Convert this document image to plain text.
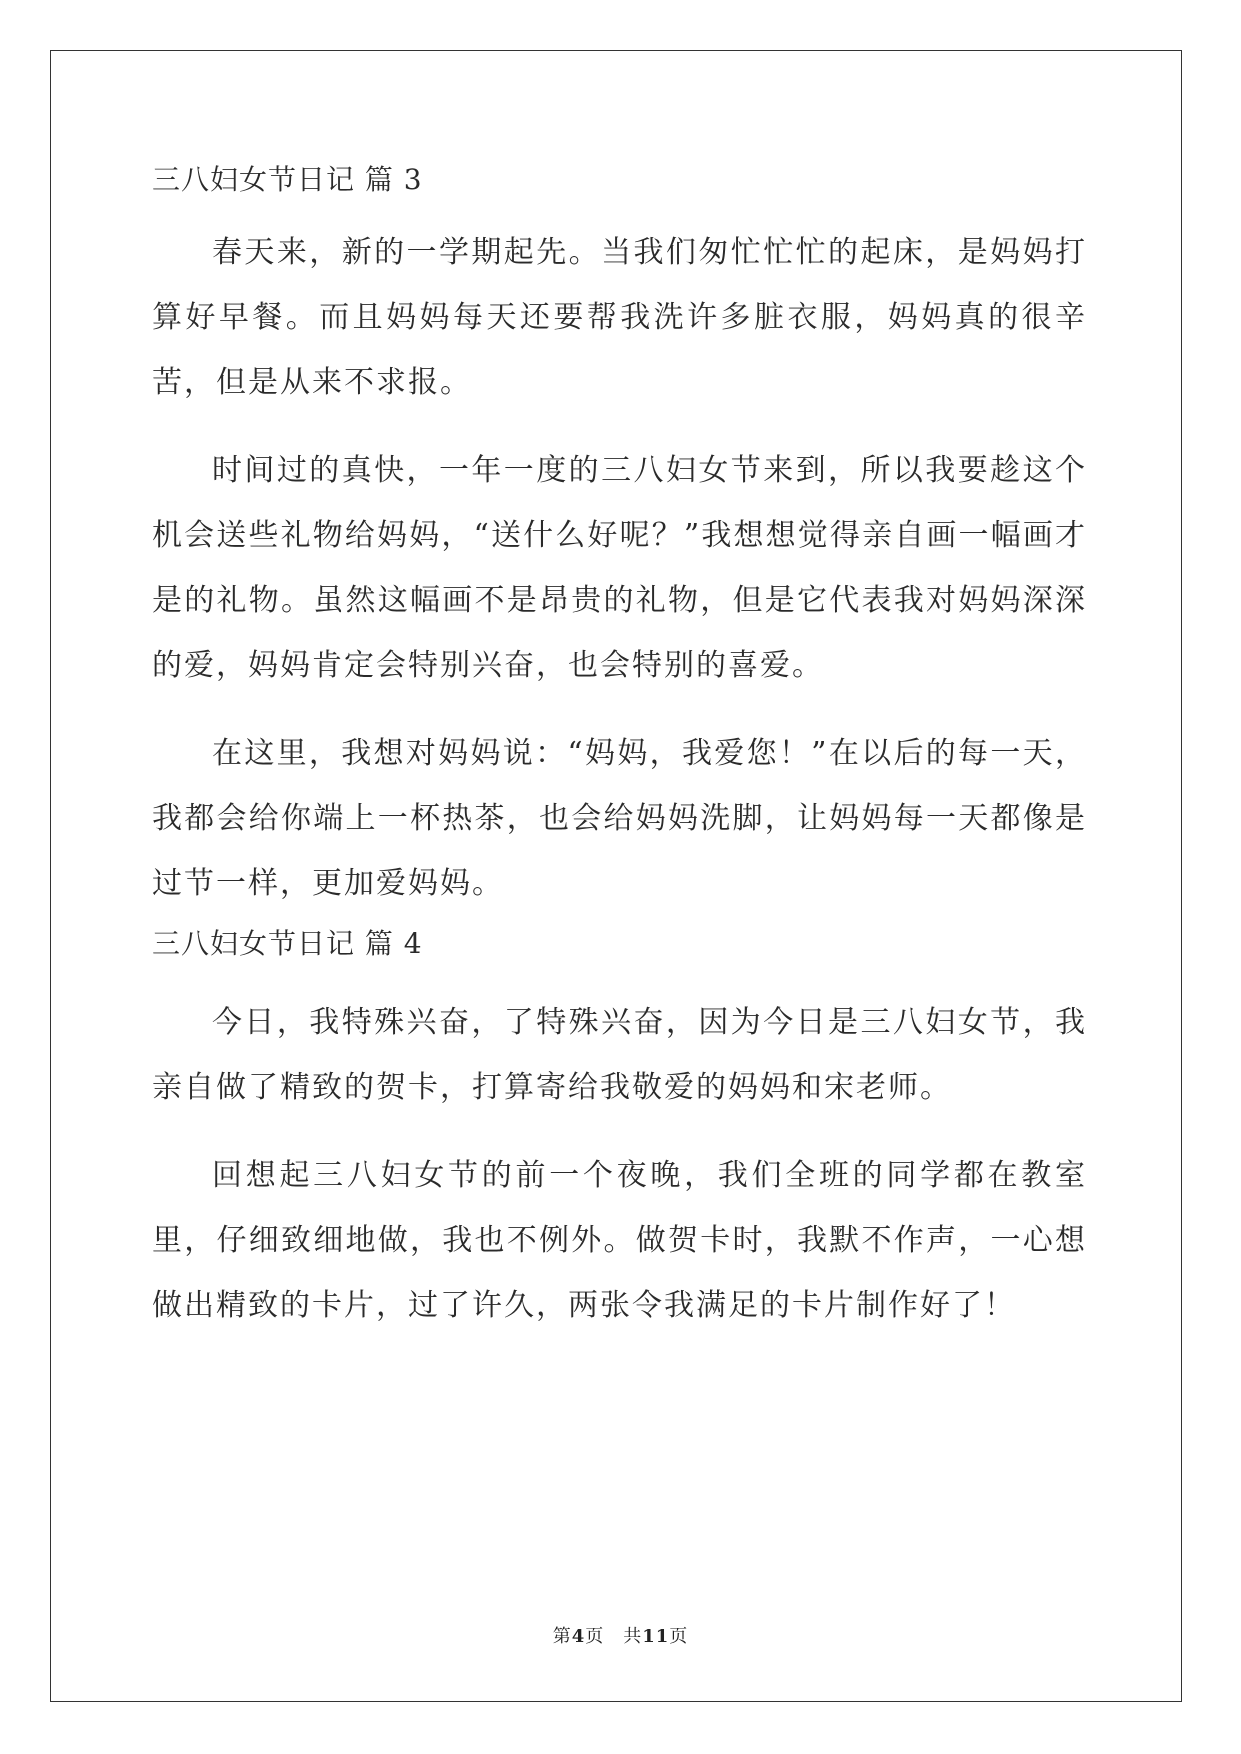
三八妇女节日记 篇 3

春天来，新的一学期起先。当我们匆忙忙忙的起床，是妈妈打算好早餐。而且妈妈每天还要帮我洗许多脏衣服，妈妈真的很辛苦，但是从来不求报。

时间过的真快，一年一度的三八妇女节来到，所以我要趁这个机会送些礼物给妈妈，“送什么好呢？”我想想觉得亲自画一幅画才是的礼物。虽然这幅画不是昂贵的礼物，但是它代表我对妈妈深深的爱，妈妈肯定会特别兴奋，也会特别的喜爱。

在这里，我想对妈妈说：“妈妈，我爱您！”在以后的每一天，我都会给你端上一杯热茶，也会给妈妈洗脚，让妈妈每一天都像是过节一样，更加爱妈妈。

三八妇女节日记 篇 4

今日，我特殊兴奋，了特殊兴奋，因为今日是三八妇女节，我亲自做了精致的贺卡，打算寄给我敬爱的妈妈和宋老师。

回想起三八妇女节的前一个夜晚，我们全班的同学都在教室里，仔细致细地做，我也不例外。做贺卡时，我默不作声，一心想做出精致的卡片，过了许久，两张令我满足的卡片制作好了！

第4页　共11页
